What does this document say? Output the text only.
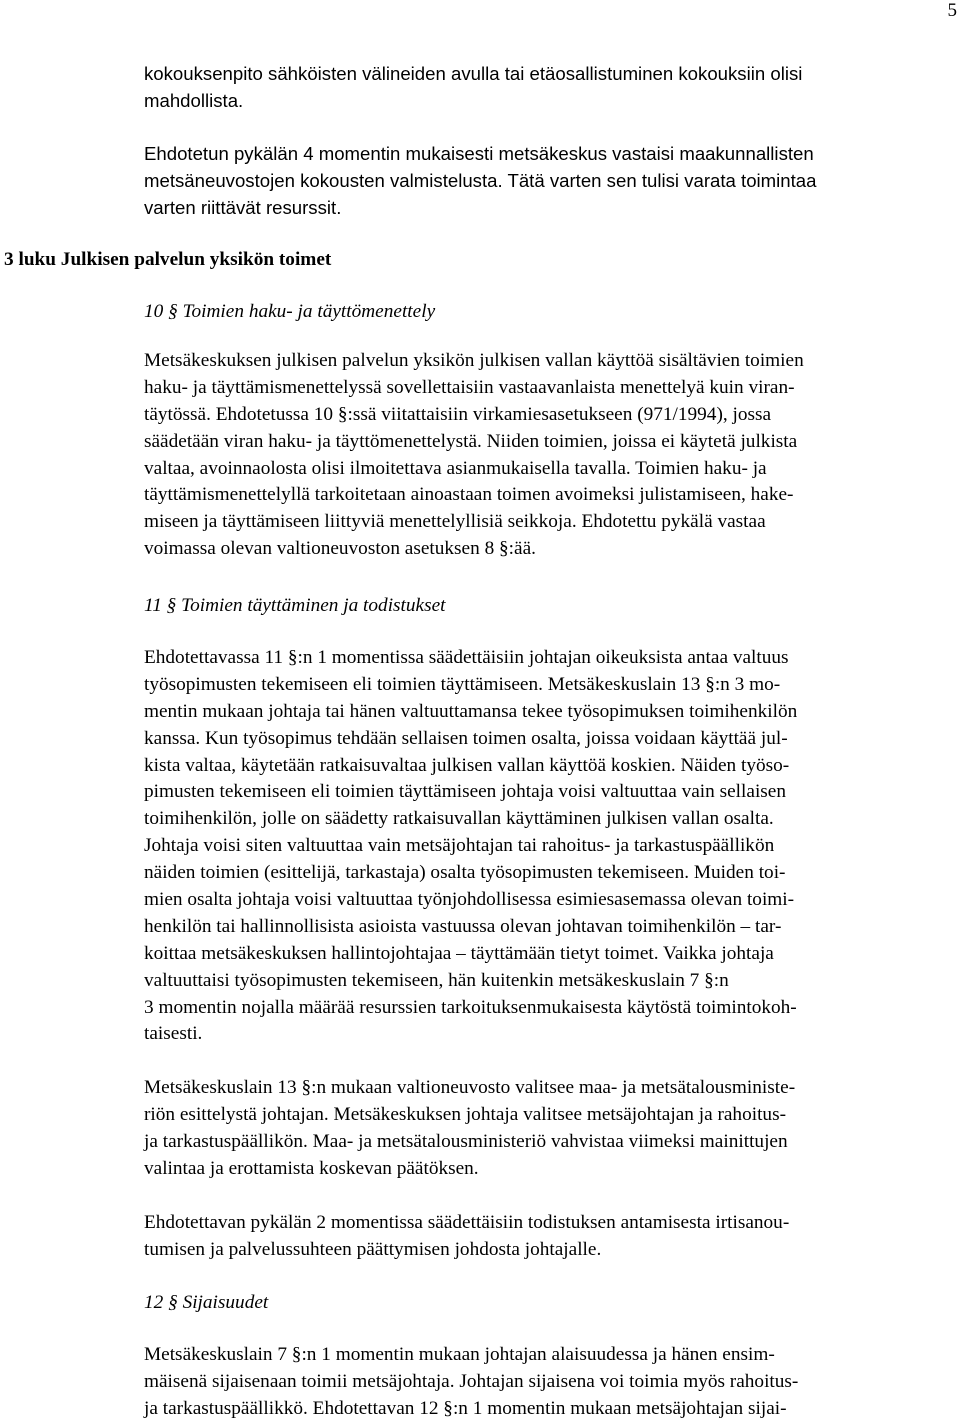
5
kokouksenpito sähköisten välineiden avulla tai etäosallistuminen kokouksiin olisi
mahdollista.
Ehdotetun pykälän 4 momentin mukaisesti metsäkeskus vastaisi maakunnallisten
metsäneuvostojen kokousten valmistelusta. Tätä varten sen tulisi varata toimintaa
varten riittävät resurssit.
3 luku Julkisen palvelun yksikön toimet
10 § Toimien haku- ja täyttömenettely
Metsäkeskuksen julkisen palvelun yksikön julkisen vallan käyttöä sisältävien toimien
haku- ja täyttämismenettelyssä sovellettaisiin vastaavanlaista menettelyä kuin viran-
täytössä. Ehdotetussa 10 §:ssä viitattaisiin virkamiesasetukseen (971/1994), jossa
säädetään viran haku- ja täyttömenettelystä. Niiden toimien, joissa ei käytetä julkista
valtaa, avoinnaolosta olisi ilmoitettava asianmukaisella tavalla. Toimien haku- ja
täyttämismenettelyllä tarkoitetaan ainoastaan toimen avoimeksi julistamiseen, hake-
miseen ja täyttämiseen liittyviä menettelyllisiä seikkoja. Ehdotettu pykälä vastaa
voimassa olevan valtioneuvoston asetuksen 8 §:ää.
11 § Toimien täyttäminen ja todistukset
Ehdotettavassa 11 §:n 1 momentissa säädettäisiin johtajan oikeuksista antaa valtuus
työsopimusten tekemiseen eli toimien täyttämiseen. Metsäkeskuslain 13 §:n 3 mo-
mentin mukaan johtaja tai hänen valtuuttamansa tekee työsopimuksen toimihenkilön
kanssa. Kun työsopimus tehdään sellaisen toimen osalta, joissa voidaan käyttää jul-
kista valtaa, käytetään ratkaisuvaltaa julkisen vallan käyttöä koskien. Näiden työso-
pimusten tekemiseen eli toimien täyttämiseen johtaja voisi valtuuttaa vain sellaisen
toimihenkilön, jolle on säädetty ratkaisuvallan käyttäminen julkisen vallan osalta.
Johtaja voisi siten valtuuttaa vain metsäjohtajan tai rahoitus- ja tarkastuspäällikön
näiden toimien (esittelijä, tarkastaja) osalta työsopimusten tekemiseen. Muiden toi-
mien osalta johtaja voisi valtuuttaa työnjohdollisessa esimiesasemassa olevan toimi-
henkilön tai hallinnollisista asioista vastuussa olevan johtavan toimihenkilön – tar-
koittaa metsäkeskuksen hallintojohtajaa – täyttämään tietyt toimet. Vaikka johtaja
valtuuttaisi työsopimusten tekemiseen, hän kuitenkin metsäkeskuslain 7 §:n
3 momentin nojalla määrää resurssien tarkoituksenmukaisesta käytöstä toimintokoh-
taisesti.
Metsäkeskuslain 13 §:n mukaan valtioneuvosto valitsee maa- ja metsätalousministe-
riön esittelystä johtajan. Metsäkeskuksen johtaja valitsee metsäjohtajan ja rahoitus-
ja tarkastuspäällikön. Maa- ja metsätalousministeriö vahvistaa viimeksi mainittujen
valintaa ja erottamista koskevan päätöksen.
Ehdotettavan pykälän 2 momentissa säädettäisiin todistuksen antamisesta irtisanou-
tumisen ja palvelussuhteen päättymisen johdosta johtajalle.
12 § Sijaisuudet
Metsäkeskuslain 7 §:n 1 momentin mukaan johtajan alaisuudessa ja hänen ensim-
mäisenä sijaisenaan toimii metsäjohtaja. Johtajan sijaisena voi toimia myös rahoitus-
ja tarkastuspäällikkö. Ehdotettavan 12 §:n 1 momentin mukaan metsäjohtajan sijai-
